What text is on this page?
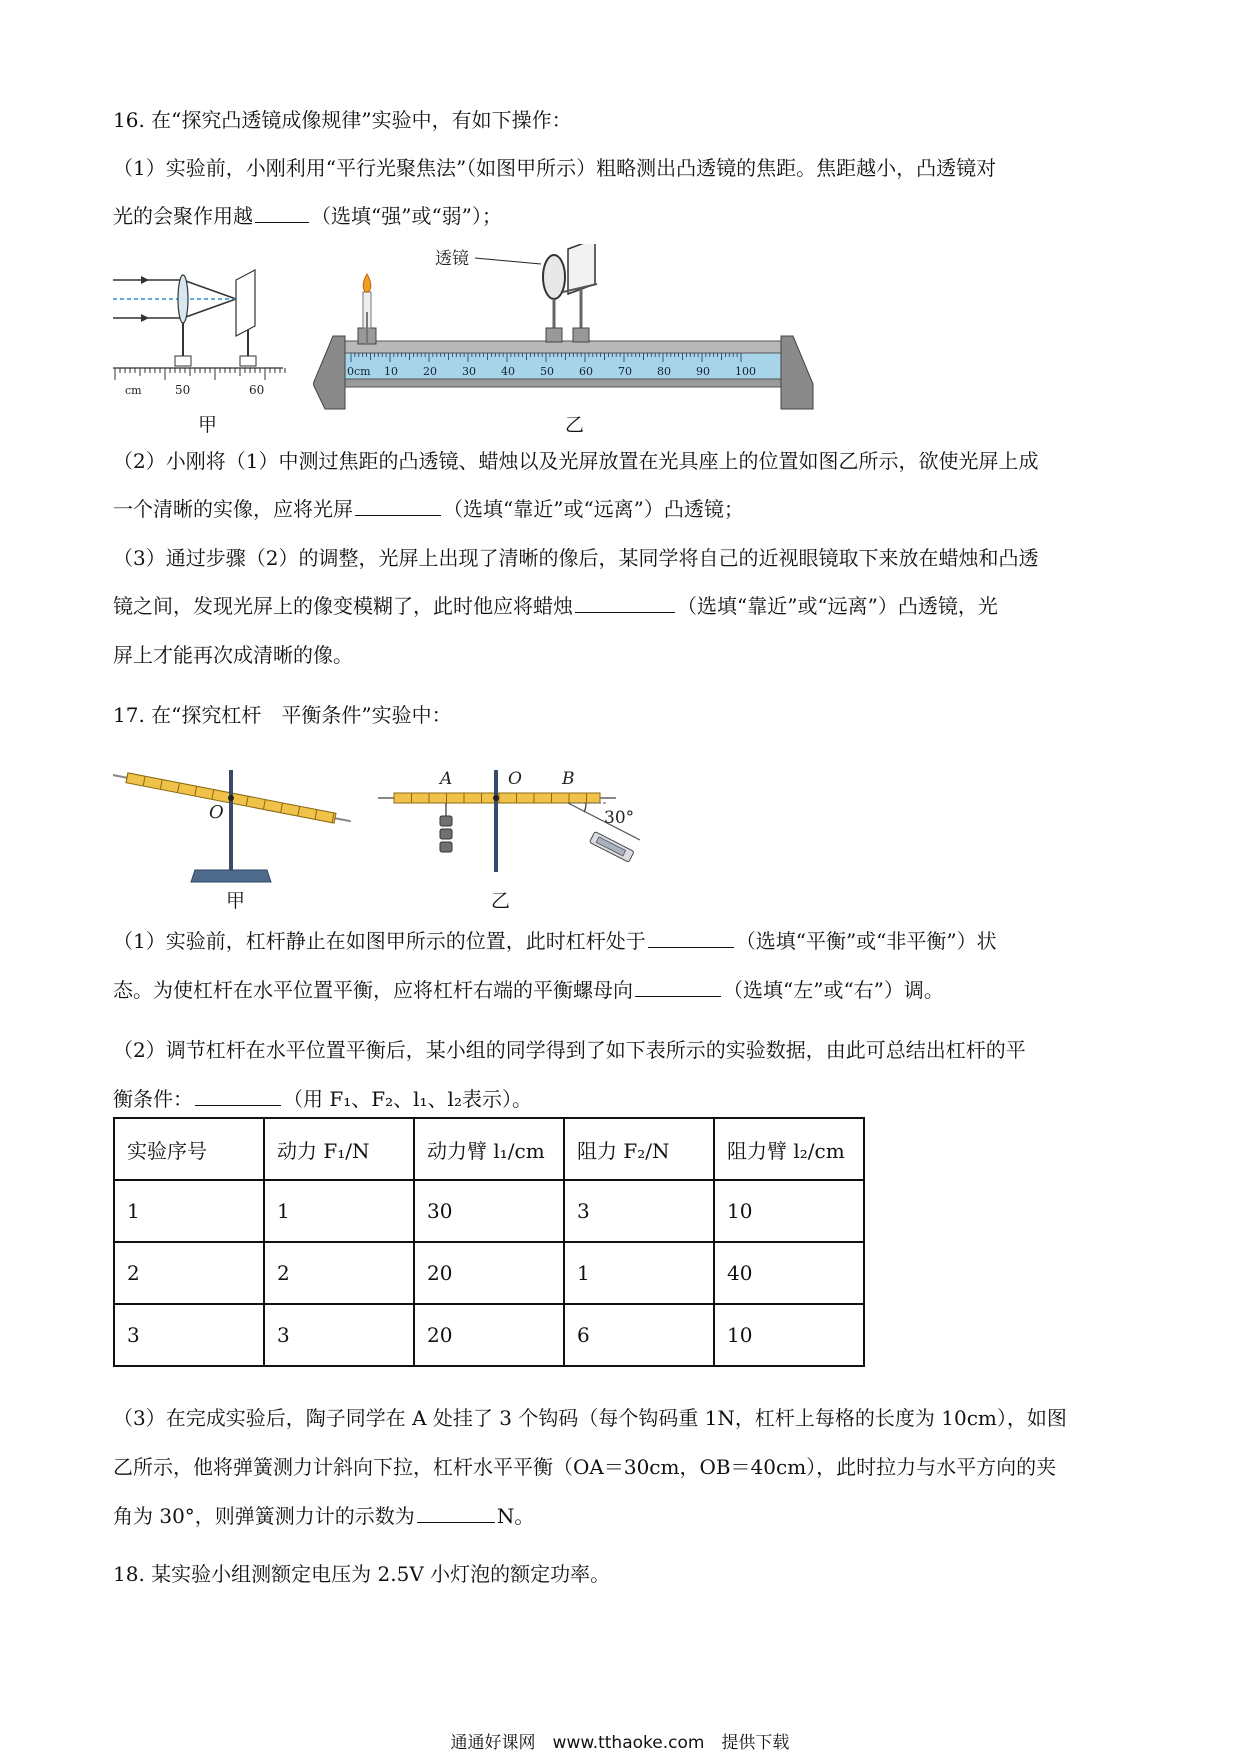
16. 在“探究凸透镜成像规律”实验中，有如下操作：
（1）实验前，小刚利用“平行光聚焦法”（如图甲所示）粗略测出凸透镜的焦距。焦距越小，凸透镜对
光的会聚作用越	（选填“强”或“弱”）；
cm	50	60
甲
0cm 10 20 30 40 50 60 70 80 90 100
透镜
乙
（2）小刚将（1）中测过焦距的凸透镜、蜡烛以及光屏放置在光具座上的位置如图乙所示，欲使光屏上成
一个清晰的实像，应将光屏	（选填“靠近”或“远离”）凸透镜；
（3）通过步骤（2）的调整，光屏上出现了清晰的像后，某同学将自己的近视眼镜取下来放在蜡烛和凸透
镜之间，发现光屏上的像变模糊了，此时他应将蜡烛	（选填“靠近”或“远离”）凸透镜，光
屏上才能再次成清晰的像。
17. 在“探究杠杆　平衡条件”实验中：
O
甲
A	O B
30°
乙
（1）实验前，杠杆静止在如图甲所示的位置，此时杠杆处于	（选填“平衡”或“非平衡”）状
态。为使杠杆在水平位置平衡，应将杠杆右端的平衡螺母向	（选填“左”或“右”）调。
（2）调节杠杆在水平位置平衡后，某小组的同学得到了如下表所示的实验数据，由此可总结出杠杆的平
衡条件：	（用 F₁、F₂、l₁、l₂表示）。
实验序号	动力 F₁/N	动力臂 l₁/cm	阻力 F₂/N	阻力臂 l₂/cm
1	1	30	3	10
2	2	20	1	40
3	3	20	6	10
（3）在完成实验后，陶子同学在 A 处挂了 3 个钩码（每个钩码重 1N，杠杆上每格的长度为 10cm），如图
乙所示，他将弹簧测力计斜向下拉，杠杆水平平衡（OA＝30cm，OB＝40cm），此时拉力与水平方向的夹
角为 30°，则弹簧测力计的示数为	N。
18. 某实验小组测额定电压为 2.5V 小灯泡的额定功率。
通通好课网　www.tthaoke.com　提供下载
